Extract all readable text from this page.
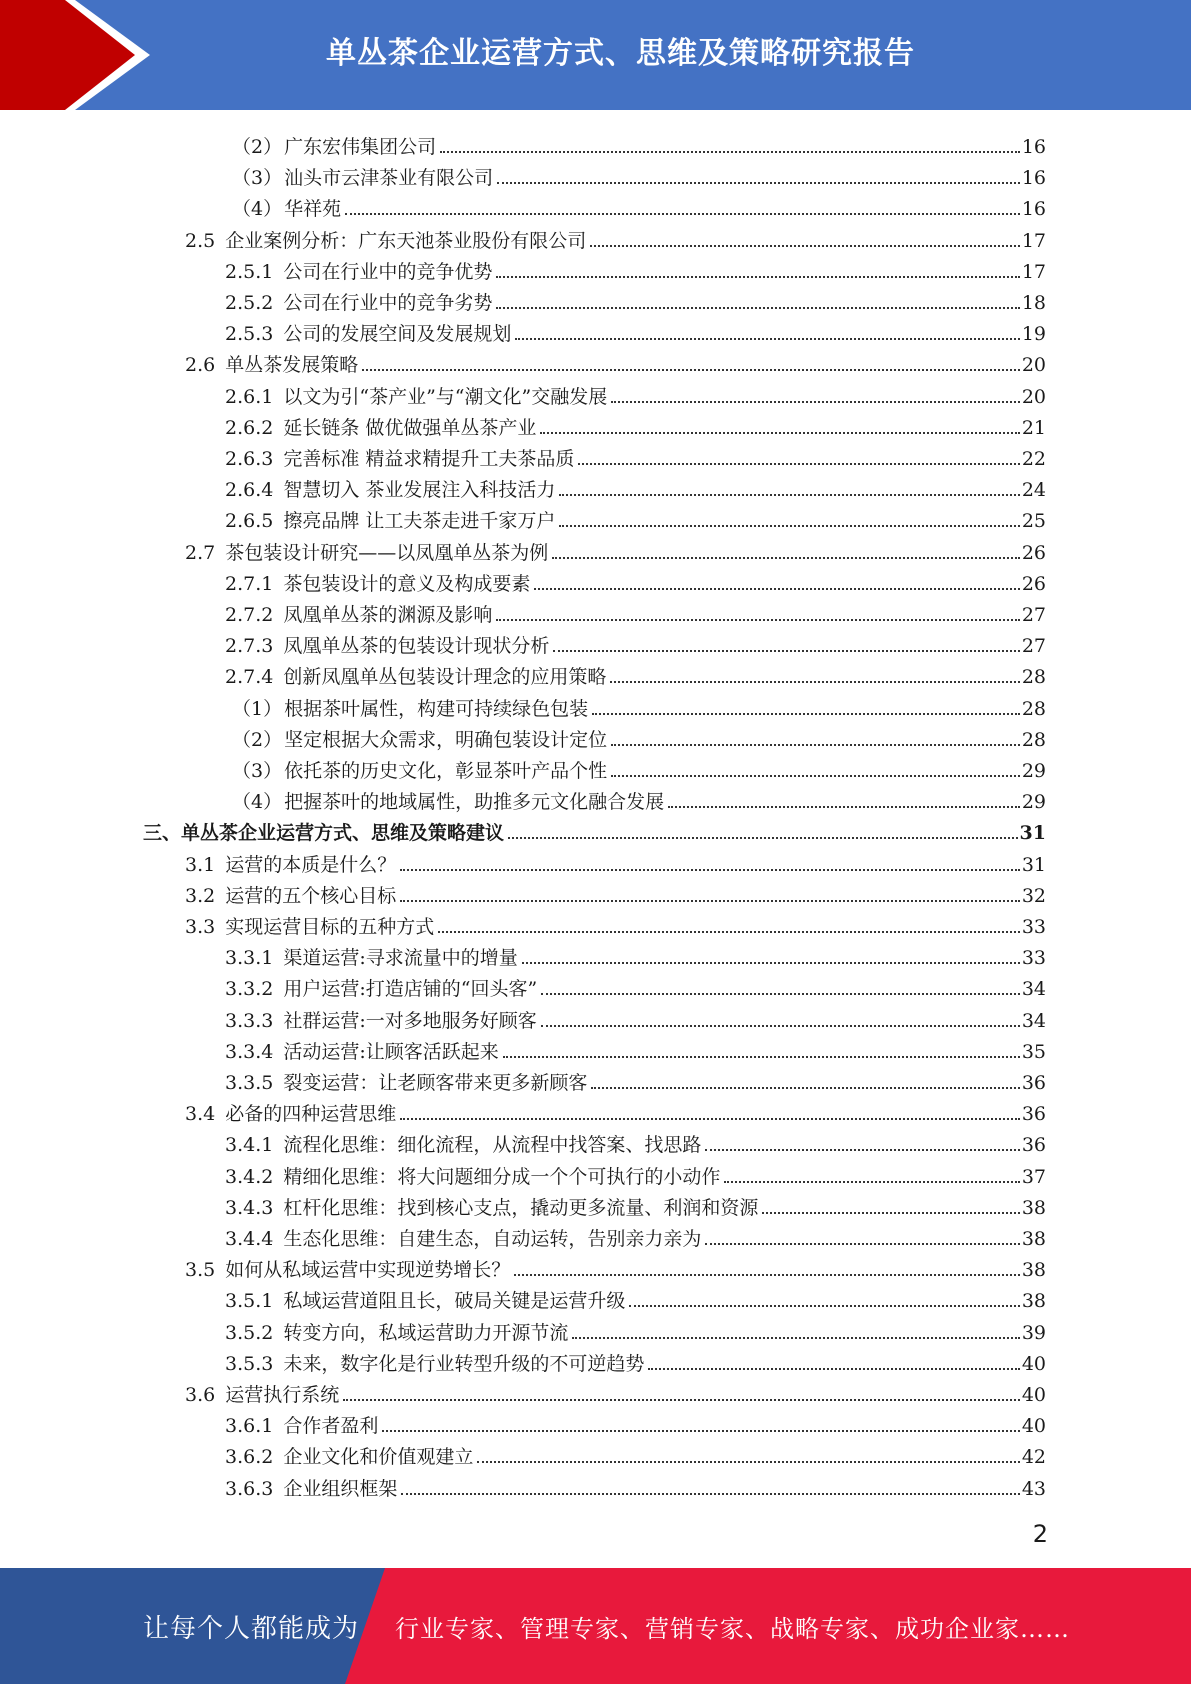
单丛茶企业运营方式、思维及策略研究报告
（2） 广东宏伟集团公司	16
（3） 汕头市云津茶业有限公司	16
（4） 华祥苑	16
2.5 企业案例分析：广东天池茶业股份有限公司	17
2.5.1 公司在行业中的竞争优势	17
2.5.2 公司在行业中的竞争劣势	18
2.5.3 公司的发展空间及发展规划	19
2.6 单丛茶发展策略	20
2.6.1 以文为引“茶产业”与“潮文化”交融发展	20
2.6.2 延长链条 做优做强单丛茶产业	21
2.6.3 完善标准 精益求精提升工夫茶品质	22
2.6.4 智慧切入 茶业发展注入科技活力	24
2.6.5 擦亮品牌 让工夫茶走进千家万户	25
2.7 茶包装设计研究——以凤凰单丛茶为例	26
2.7.1 茶包装设计的意义及构成要素	26
2.7.2 凤凰单丛茶的渊源及影响	27
2.7.3 凤凰单丛茶的包装设计现状分析	27
2.7.4 创新凤凰单丛包装设计理念的应用策略	28
（1） 根据茶叶属性，构建可持续绿色包装	28
（2） 坚定根据大众需求，明确包装设计定位	28
（3） 依托茶的历史文化，彰显茶叶产品个性	29
（4） 把握茶叶的地域属性，助推多元文化融合发展	29
三、单丛茶企业运营方式、思维及策略建议	31
3.1 运营的本质是什么？	31
3.2 运营的五个核心目标	32
3.3 实现运营目标的五种方式	33
3.3.1 渠道运营:寻求流量中的增量	33
3.3.2 用户运营:打造店铺的“回头客”	34
3.3.3 社群运营:一对多地服务好顾客	34
3.3.4 活动运营:让顾客活跃起来	35
3.3.5 裂变运营：让老顾客带来更多新顾客	36
3.4 必备的四种运营思维	36
3.4.1 流程化思维：细化流程，从流程中找答案、找思路	36
3.4.2 精细化思维：将大问题细分成一个个可执行的小动作	37
3.4.3 杠杆化思维：找到核心支点，撬动更多流量、利润和资源	38
3.4.4 生态化思维：自建生态，自动运转，告别亲力亲为	38
3.5 如何从私域运营中实现逆势增长？	38
3.5.1 私域运营道阻且长，破局关键是运营升级	38
3.5.2 转变方向，私域运营助力开源节流	39
3.5.3 未来，数字化是行业转型升级的不可逆趋势	40
3.6 运营执行系统	40
3.6.1 合作者盈利	40
3.6.2 企业文化和价值观建立	42
3.6.3 企业组织框架	43
2
让每个人都能成为 行业专家、管理专家、营销专家、战略专家、成功企业家……
